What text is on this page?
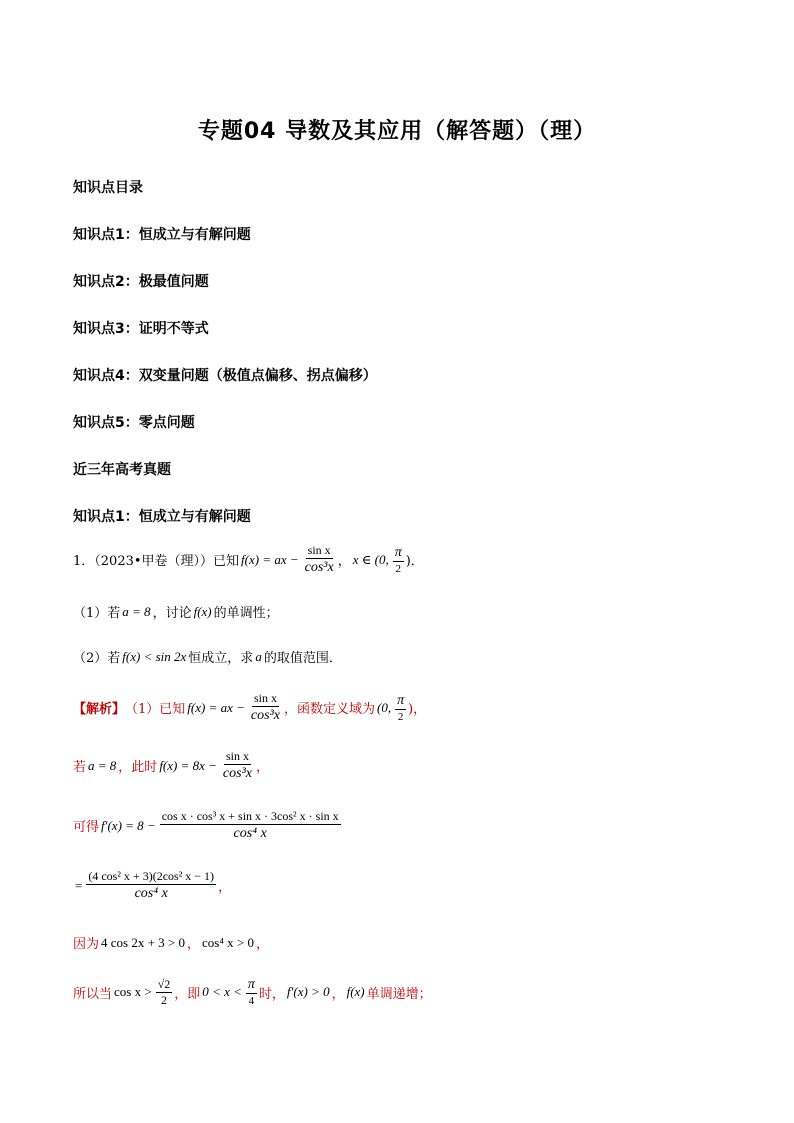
专题04 导数及其应用（解答题）（理）
知识点目录
知识点1：恒成立与有解问题
知识点2：极最值问题
知识点3：证明不等式
知识点4：双变量问题（极值点偏移、拐点偏移）
知识点5：零点问题
近三年高考真题
知识点1：恒成立与有解问题
1．（2023•甲卷（理））已知 f(x) = ax − $\frac{\text{sin x}}{\text{cos³x}}$ ， x ∈ (0, $\frac{\pi}{2}$ )．
（1）若 a = 8 ，讨论 f(x) 的单调性；
（2）若 f(x) < sin 2x 恒成立，求 a 的取值范围．
【解析】 （1）已知 f(x) = ax − $\frac{\text{sin x}}{\text{cos³x}}$ ，函数定义域为 (0, $\frac{\pi}{2}$ )，
若 a = 8 ，此时 $f(x) = 8x - \frac{\text{sin x}}{\text{cos³x}}$ ，
可得 $f'(x) = 8 - \frac{\text{cos x · cos³ x + sin x · 3cos² x · sin x}}{\text{cos⁴ x}}$
= $\frac{\text{(4 cos² x + 3)(2cos² x − 1)}}{\text{cos⁴ x}}$ ，
因为 4 cos 2x + 3 > 0 ， cos⁴ x > 0 ，
所以当 $\cos x > \frac{√2}{2}$ ，即 $0 < x < \frac{\pi}{4}$ 时， f′(x) > 0 ， f(x) 单调递增；
